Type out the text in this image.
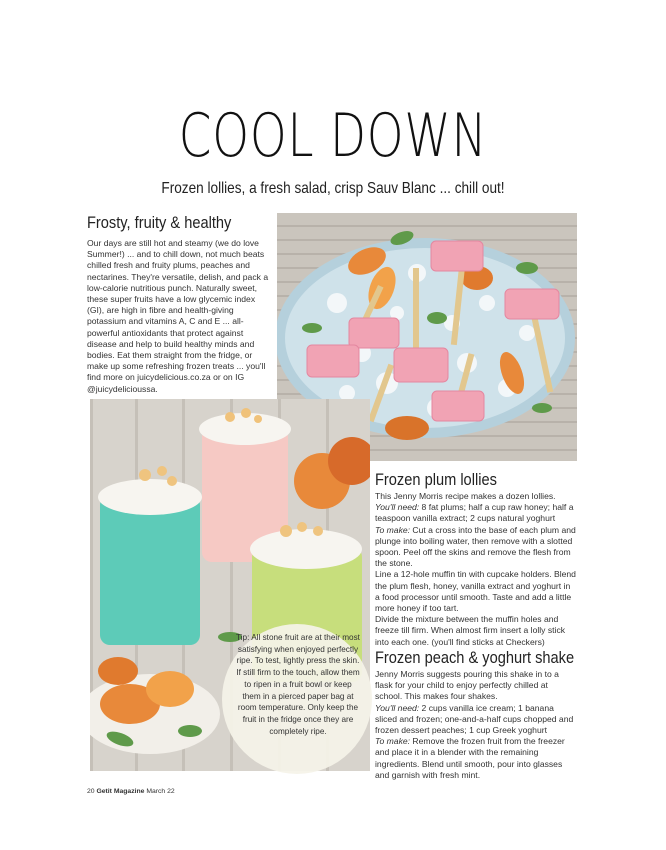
COOL DOWN
Frozen lollies, a fresh salad, crisp Sauv Blanc ... chill out!
Frosty, fruity & healthy
Our days are still hot and steamy (we do love Summer!) ... and to chill down, not much beats chilled fresh and fruity plums, peaches and nectarines. They're versatile, delish, and pack a low-calorie nutritious punch. Naturally sweet, these super fruits have a low glycemic index (GI), are high in fibre and health-giving potassium and vitamins A, C and E ... all-powerful antioxidants that protect against disease and help to build healthy minds and bodies. Eat them straight from the fridge, or make up some refreshing frozen treats ... you'll find more on juicydelicious.co.za or on IG @juicydelicioussa.
Tip: All stone fruit are at their most satisfying when enjoyed perfectly ripe. To test, lightly press the skin. If still firm to the touch, allow them to ripen in a fruit bowl or keep them in a pierced paper bag at room temperature. Only keep the fruit in the fridge once they are completely ripe.
Frozen plum lollies

This Jenny Morris recipe makes a dozen lollies.

You'll need: 8 fat plums; half a cup raw honey; half a teaspoon vanilla extract; 2 cups natural yoghurt

To make: Cut a cross into the base of each plum and plunge into boiling water, then remove with a slotted spoon. Peel off the skins and remove the flesh from the stone.

Line a 12-hole muffin tin with cupcake holders. Blend the plum flesh, honey, vanilla extract and yoghurt in a food processor until smooth. Taste and add a little more honey if too tart.

Divide the mixture between the muffin holes and freeze till firm. When almost firm insert a lolly stick into each one. (you'll find sticks at Checkers)

Frozen peach & yoghurt shake

Jenny Morris suggests pouring this shake in to a flask for your child to enjoy perfectly chilled at school. This makes four shakes.

You'll need: 2 cups vanilla ice cream; 1 banana sliced and frozen; one-and-a-half cups chopped and frozen dessert peaches; 1 cup Greek yoghurt

To make: Remove the frozen fruit from the freezer and place it in a blender with the remaining ingredients. Blend until smooth, pour into glasses and garnish with fresh mint.

20 Getit Magazine March 22
